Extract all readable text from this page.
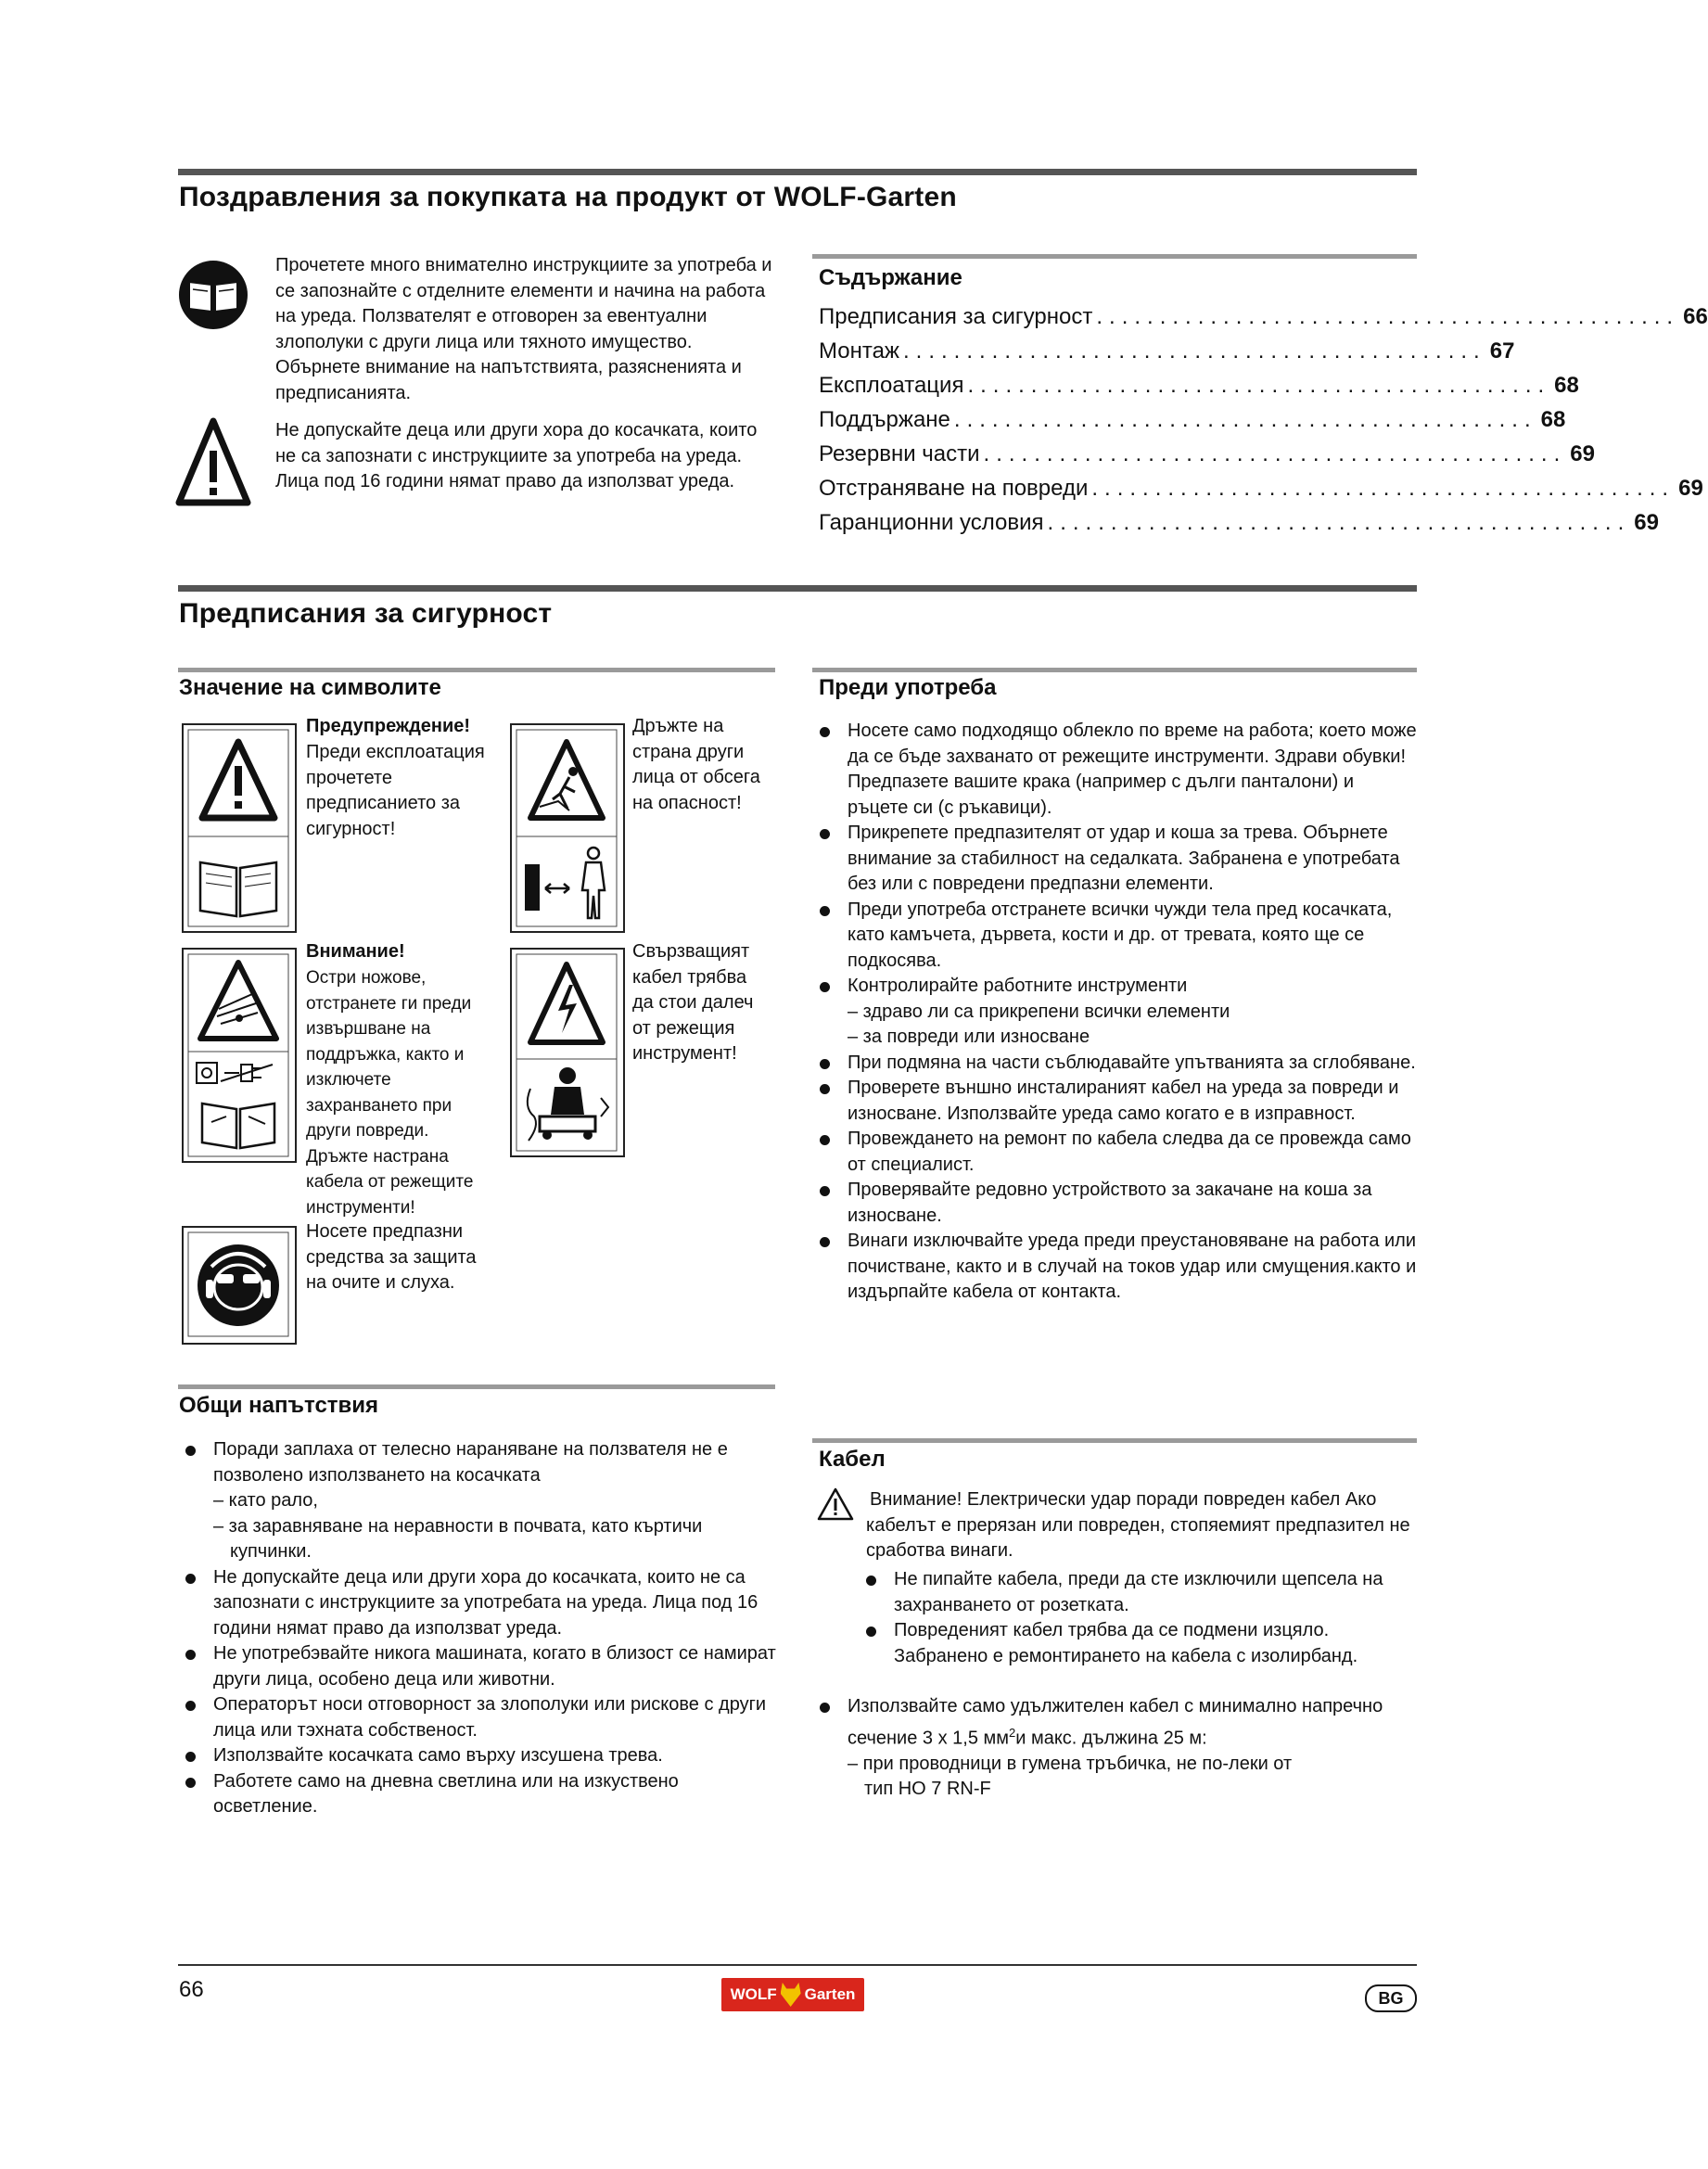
Поздравления за покупката на продукт от WOLF-Garten
Прочетете много внимателно инструкциите за употреба и се запознайте с отделните елементи и начина на работа на уреда. Ползвателят е отговорен за евентуални злополуки с други лица или тяхното имущество. Обърнете внимание на напътствията, разясненията и предписанията.
Не допускайте деца или други хора до косачката, които не са запознати с инструкциите за употреба на уреда. Лица под 16 години нямат право да използват уреда.
Съдържание
Предписания за сигурност .............................................. 66
Монтаж .............................................. 67
Експлоатация .............................................. 68
Поддържане .............................................. 68
Резервни части .............................................. 69
Отстраняване на повреди .............................................. 69
Гаранционни условия .............................................. 69
Предписания за сигурност
Значение на символите
Предупреждение!
Преди експлоатация прочетете предписанието за сигурност!
Дръжте на страна други лица от обсега на опасност!
Внимание!
Остри ножове, отстранете ги преди извършване на поддръжка, както и изключете захранването при други повреди. Дръжте настрана кабела от режещите инструменти!
Свързващият кабел трябва да стои далеч от режещия инструмент!
Носете предпазни средства за защита на очите и слуха.
Общи напътствия
Поради заплаха от телесно нараняване на ползвателя не е позволено използването на косачката
– като рало,
– за заравняване на неравности в почвата, като къртичи купчинки.
Не допускайте деца или други хора до косачката, които не са запознати с инструкциите за употребата на уреда. Лица под 16 години нямат право да използват уреда.
Не употребэвайте никога машината, когато в близост се намират други лица, особено деца или животни.
Операторът носи отговорност за злополуки или рискове с други лица или тэхната собственост.
Използвайте косачката само върху изсушена трева.
Работете само на дневна светлина или на изкуствено осветление.
Преди употреба
Носете само подходящо облекло по време на работа; което може да се бъде захванато от режещите инструменти. Здрави обувки! Предпазете вашите крака (например с дълги панталони) и ръцете си (с ръкавици).
Прикрепете предпазителят от удар и коша за трева. Обърнете внимание за стабилност на седалката. Забранена е употребата без или с повредени предпазни елементи.
Преди употреба отстранете всички чужди тела пред косачката, като камъчета, дървета, кости и др. от тревата, която ще се подкосява.
Контролирайте работните инструменти
– здраво ли са прикрепени всички елементи
– за повреди или износване
При подмяна на части съблюдавайте упътванията за сглобяване.
Проверете външно инсталираният кабел на уреда за повреди и износване. Използвайте уреда само когато е в изправност.
Провеждането на ремонт по кабела следва да се провежда само от специалист.
Проверявайте редовно устройството за закачане на коша за износване.
Винаги изключвайте уреда преди преустановяване на работа или почистване, както и в случай на токов удар или смущения.както и издърпайте кабела от контакта.
Кабел
Внимание! Електрически удар поради повреден кабел Ако кабелът е прерязан или повреден, стопяемият предпазител не сработва винаги.
Не пипайте кабела, преди да сте изключили щепсела на захранването от розетката.
Повреденият кабел трябва да се подмени изцяло. Забранено е ремонтирането на кабела с изолирбанд.
Използвайте само удължителен кабел с минимално напречно сечение 3 x 1,5 $мм^2и$ макс. дължина 25 м:
– при проводници в гумена тръбичка, не по-леки от
тип HO 7 RN-F
66	WOLF Garten	BG
